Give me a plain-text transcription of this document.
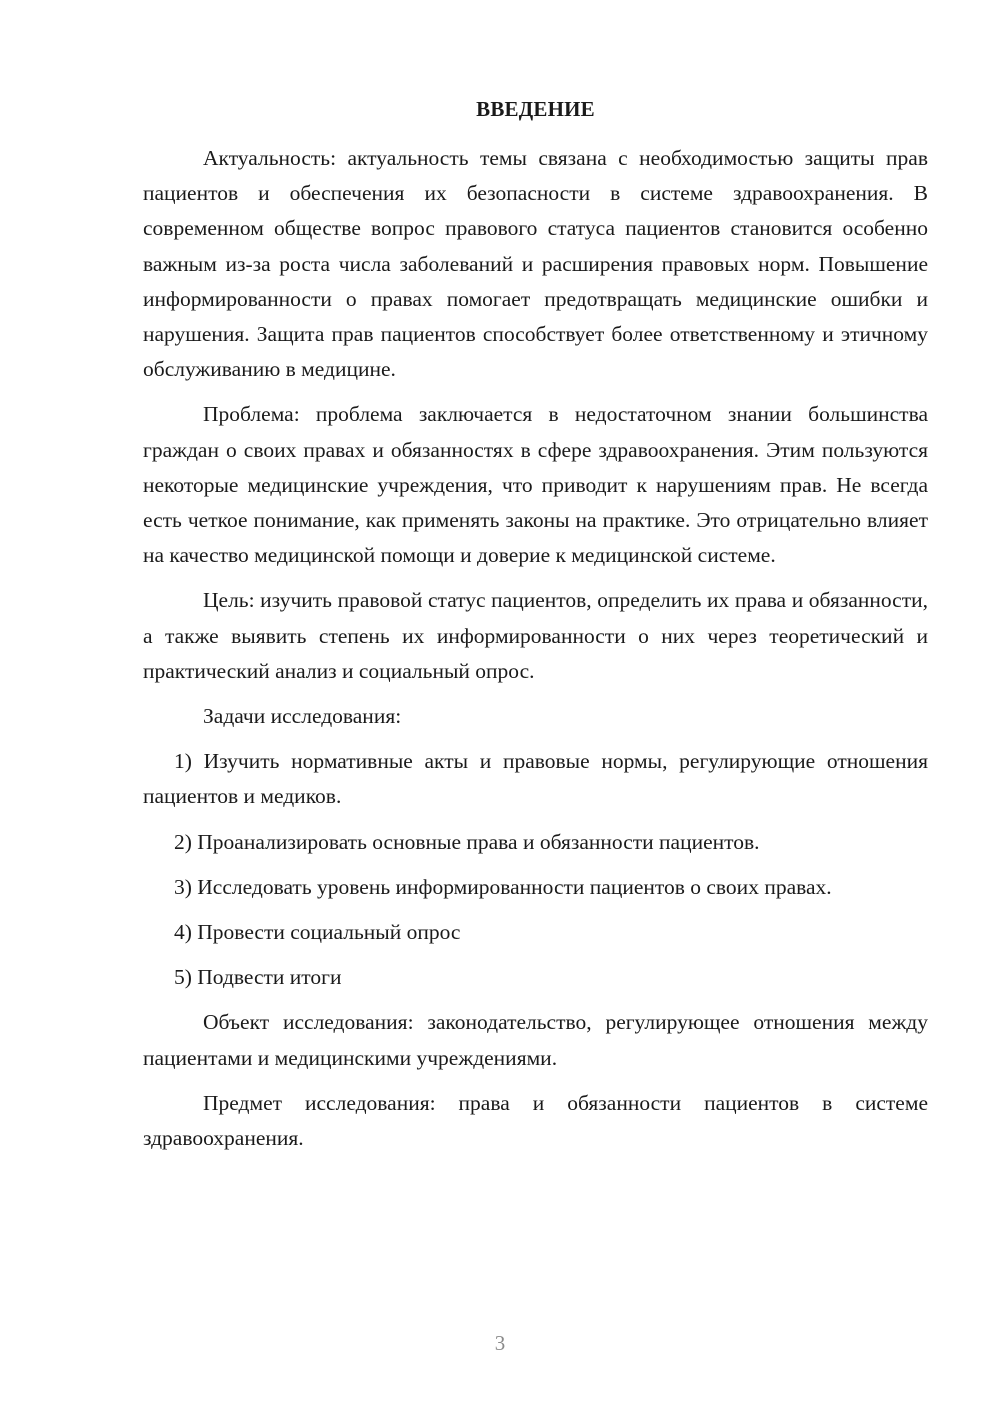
ВВЕДЕНИЕ

Актуальность: актуальность темы связана с необходимостью защиты прав пациентов и обеспечения их безопасности в системе здравоохранения. В современном обществе вопрос правового статуса пациентов становится особенно важным из-за роста числа заболеваний и расширения правовых норм. Повышение информированности о правах помогает предотвращать медицинские ошибки и нарушения. Защита прав пациентов способствует более ответственному и этичному обслуживанию в медицине.

Проблема: проблема заключается в недостаточном знании большинства граждан о своих правах и обязанностях в сфере здравоохранения. Этим пользуются некоторые медицинские учреждения, что приводит к нарушениям прав. Не всегда есть четкое понимание, как применять законы на практике. Это отрицательно влияет на качество медицинской помощи и доверие к медицинской системе.

Цель: изучить правовой статус пациентов, определить их права и обязанности, а также выявить степень их информированности о них через теоретический и практический анализ и социальный опрос.

Задачи исследования:

1) Изучить нормативные акты и правовые нормы, регулирующие отношения пациентов и медиков.

2) Проанализировать основные права и обязанности пациентов.

3) Исследовать уровень информированности пациентов о своих правах.

4) Провести социальный опрос

5) Подвести итоги

Объект исследования: законодательство, регулирующее отношения между пациентами и медицинскими учреждениями.

Предмет исследования: права и обязанности пациентов в системе здравоохранения.

3
